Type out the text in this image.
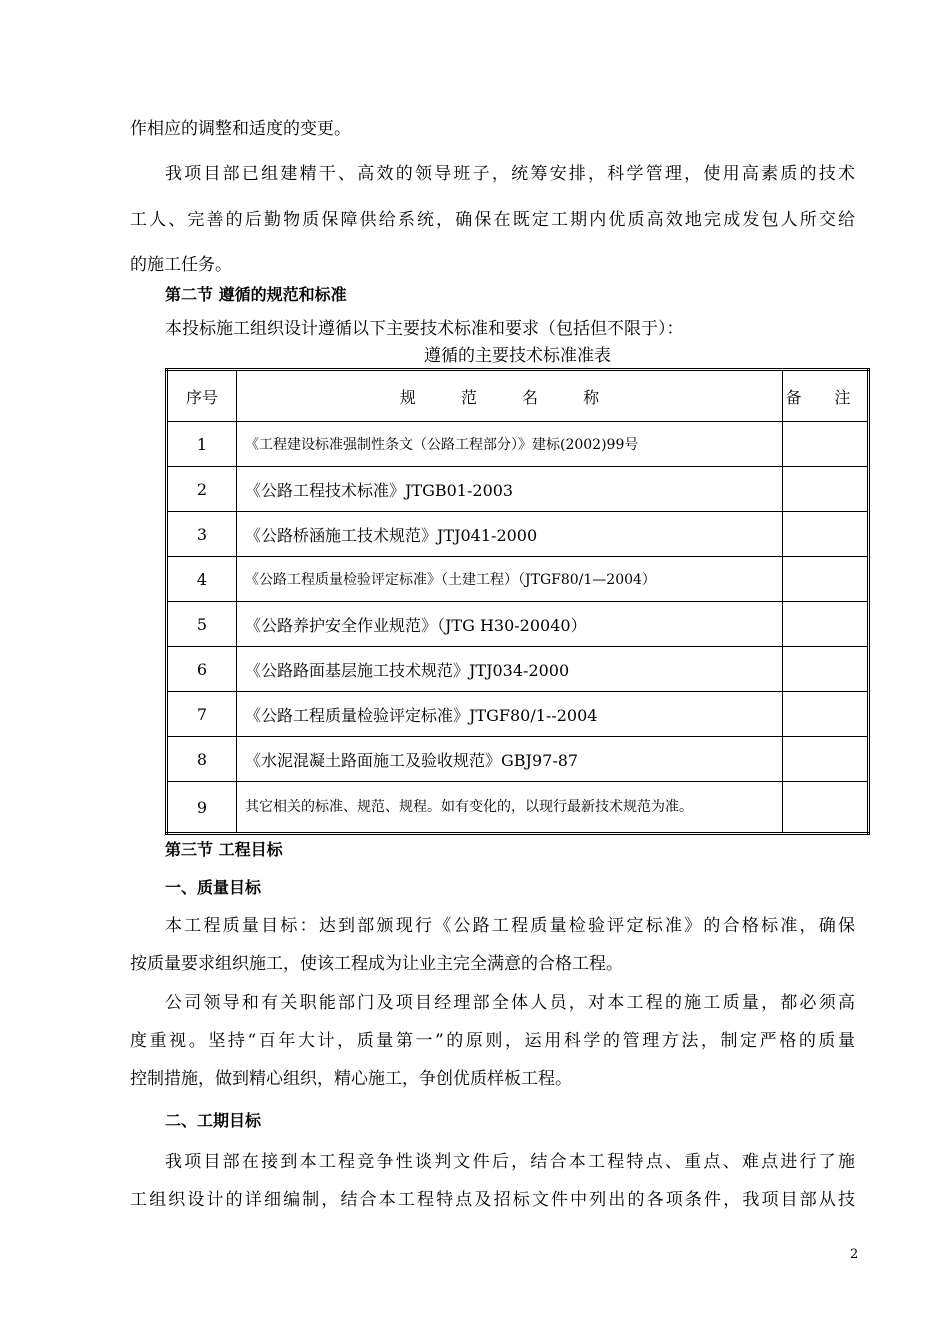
作相应的调整和适度的变更。
我项目部已组建精干、高效的领导班子，统筹安排，科学管理，使用高素质的技术
工人、完善的后勤物质保障供给系统，确保在既定工期内优质高效地完成发包人所交给
的施工任务。
第二节 遵循的规范和标准
本投标施工组织设计遵循以下主要技术标准和要求（包括但不限于）：
遵循的主要技术标准准表
序号	规 范 名 称	备 注
1	《工程建设标准强制性条文（公路工程部分）》建标(2002)99号	
2	《公路工程技术标准》JTGB01-2003	
3	《公路桥涵施工技术规范》JTJ041-2000	
4	《公路工程质量检验评定标准》（土建工程）（JTGF80/1—2004）	
5	《公路养护安全作业规范》（JTG H30-20040）	
6	《公路路面基层施工技术规范》JTJ034-2000	
7	《公路工程质量检验评定标准》JTGF80/1--2004	
8	《水泥混凝土路面施工及验收规范》GBJ97-87	
9	其它相关的标准、规范、规程。如有变化的，以现行最新技术规范为准。	
第三节 工程目标
一、质量目标
本工程质量目标：达到部颁现行《公路工程质量检验评定标准》的合格标准，确保
按质量要求组织施工，使该工程成为让业主完全满意的合格工程。
公司领导和有关职能部门及项目经理部全体人员，对本工程的施工质量，都必须高
度重视。坚持“百年大计，质量第一”的原则，运用科学的管理方法，制定严格的质量
控制措施，做到精心组织，精心施工，争创优质样板工程。
二、工期目标
我项目部在接到本工程竞争性谈判文件后，结合本工程特点、重点、难点进行了施
工组织设计的详细编制，结合本工程特点及招标文件中列出的各项条件，我项目部从技
2
